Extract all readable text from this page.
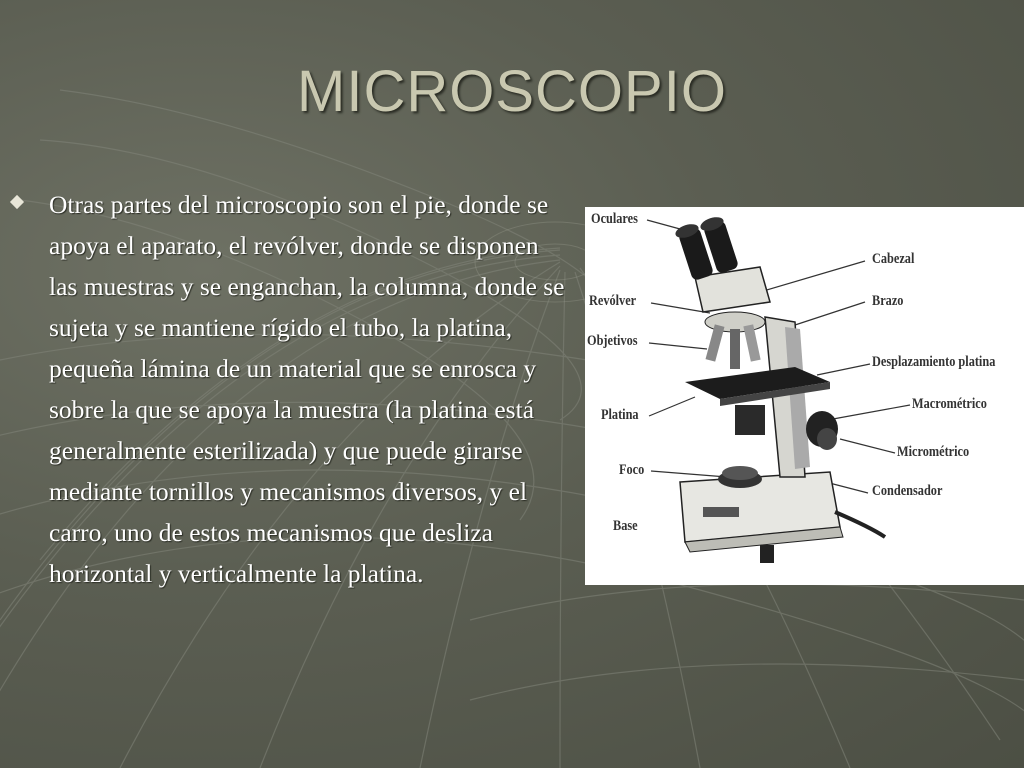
MICROSCOPIO
Otras partes del microscopio son el pie, donde se apoya el aparato, el revólver, donde se disponen las muestras y se enganchan, la columna, donde se sujeta y se mantiene rígido el tubo, la platina, pequeña lámina de un material que se enrosca y sobre la que se apoya la muestra (la platina está generalmente esterilizada) y que puede girarse mediante tornillos y mecanismos diversos, y el carro, uno de estos mecanismos que desliza horizontal y verticalmente la platina.
Oculares
Revólver
Objetivos
Platina
Foco
Base
Cabezal
Brazo
Desplazamiento platina
Macrométrico
Micrométrico
Condensador
